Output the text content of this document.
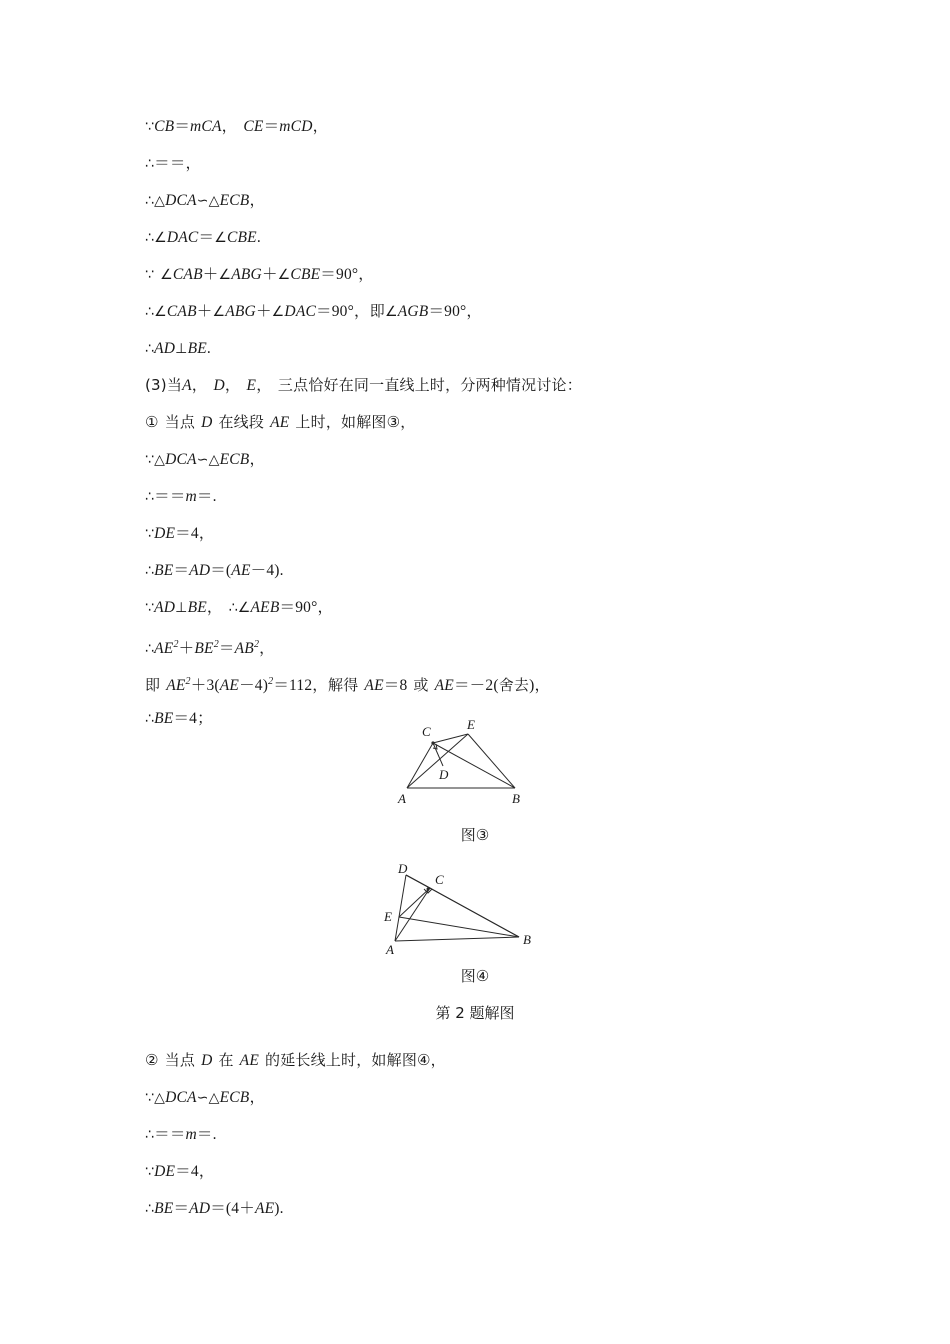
∵CB＝mCA， CE＝mCD，
∴＝＝，
∴△DCA∽△ECB，
∴∠DAC＝∠CBE.
∵ ∠CAB＋∠ABG＋∠CBE＝90°，
∴∠CAB＋∠ABG＋∠DAC＝90°，即∠AGB＝90°，
∴AD⊥BE.
(3)当A， D， E， 三点恰好在同一直线上时，分两种情况讨论：
① 当点 D 在线段 AE 上时，如解图③，
∵△DCA∽△ECB，
∴＝＝m＝.
∵DE＝4，
∴BE＝AD＝(AE－4).
∵AD⊥BE， ∴∠AEB＝90°，
$\therefore AE^2+BE^2=AB^2$，
即 $AE^2+3(AE-4)^2=112$，解得 AE＝8 或 AE＝－2(舍去)，
∴BE＝4；
A	B
C
D
E
图③
A
B
C
D
E
图④
第 2 题解图
② 当点 D 在 AE 的延长线上时，如解图④，
∵△DCA∽△ECB，
∴＝＝m＝.
∵DE＝4，
∴BE＝AD＝(4＋AE).
